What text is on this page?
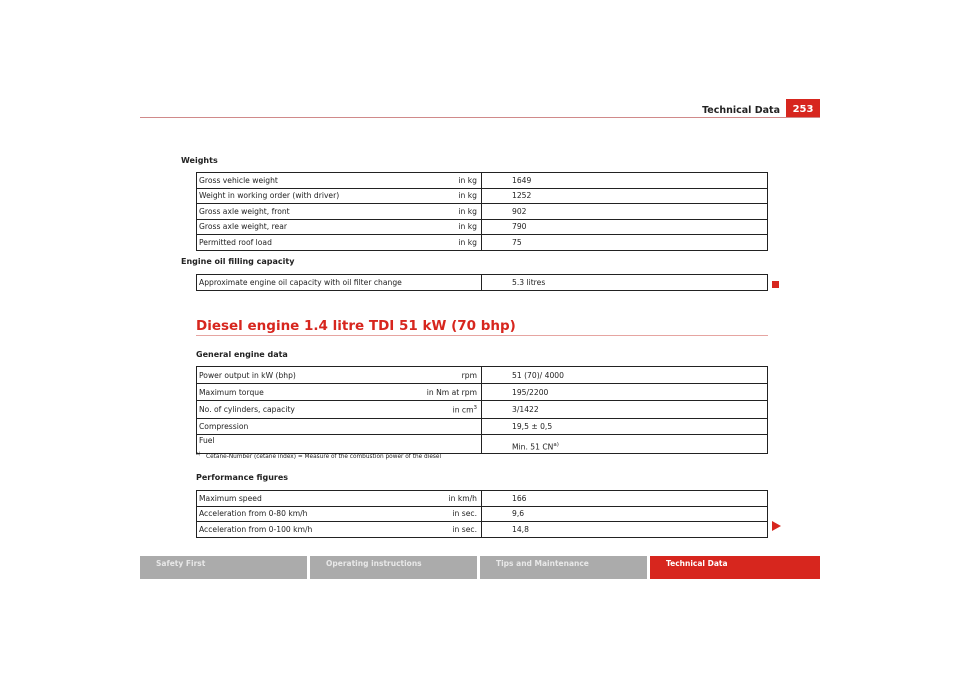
Technical Data	253
Weights
Gross vehicle weight in kg	1649
Weight in working order (with driver) in kg	1252
Gross axle weight, front in kg	902
Gross axle weight, rear in kg	790
Permitted roof load in kg	75
Engine oil filling capacity
Approximate engine oil capacity with oil filter change	5.3 litres
Diesel engine 1.4 litre TDI 51 kW (70 bhp)
General engine data
Power output in kW (bhp) rpm	51 (70)/ 4000
Maximum torque in Nm at rpm	195/2200
No. of cylinders, capacity in $cm^3$	3/1422
Compression	19,5 ± 0,5
Fuel	Min. 51 CN$^{a)}$
$^{a)}$ Cetane-Number (cetane index) = Measure of the combustion power of the diesel
Performance figures
Maximum speed in km/h	166
Acceleration from 0-80 km/h in sec.	9,6
Acceleration from 0-100 km/h in sec.	14,8
Safety First	Operating instructions	Tips and Maintenance	Technical Data
